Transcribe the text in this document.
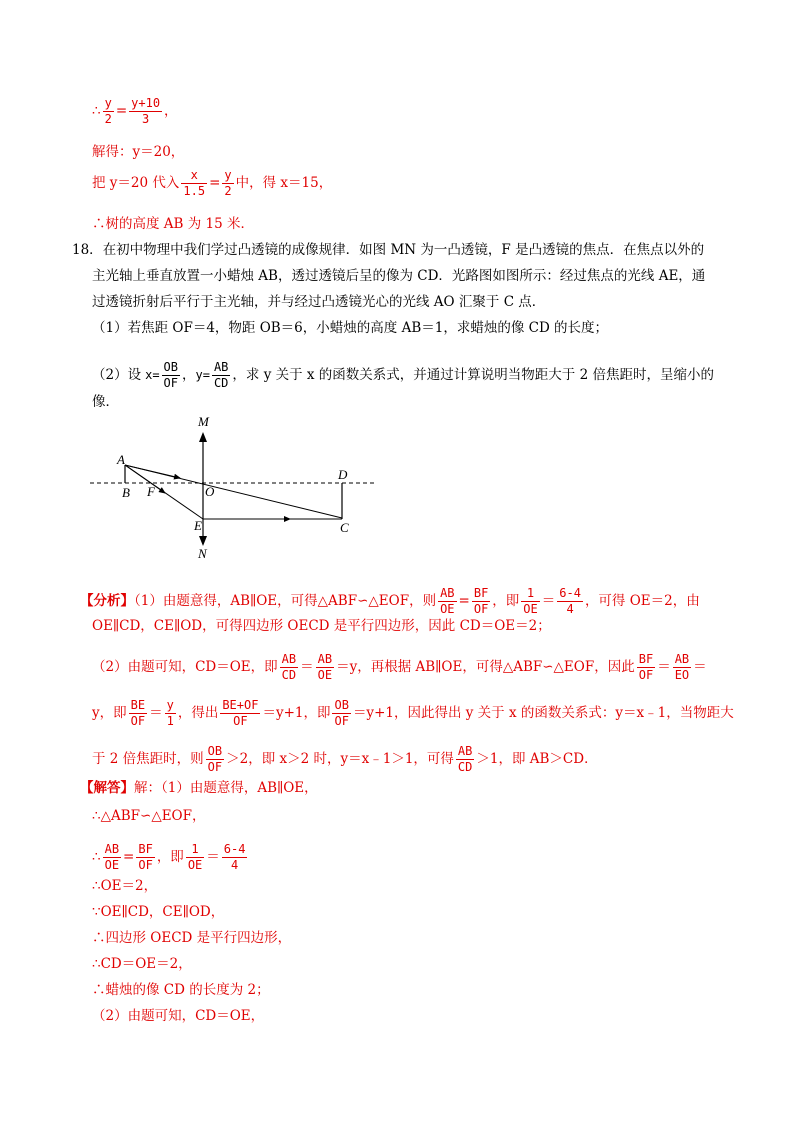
∴ $\frac{y}{2} = \frac{y+10}{3}$ ，
解得：y＝20，
把 y＝20 代入 $\frac{x}{1.5} = \frac{y}{2}$ 中，得 x＝15，
∴树的高度 AB 为 15 米．
18．在初中物理中我们学过凸透镜的成像规律．如图 MN 为一凸透镜，F 是凸透镜的焦点．在焦点以外的
主光轴上垂直放置一小蜡烛 AB，透过透镜后呈的像为 CD．光路图如图所示：经过焦点的光线 AE，通
过透镜折射后平行于主光轴，并与经过凸透镜光心的光线 AO 汇聚于 C 点．
（1）若焦距 OF＝4，物距 OB＝6，小蜡烛的高度 AB＝1，求蜡烛的像 CD 的长度；
（2）设 $x= \frac{OB}{OF}$ ，$y= \frac{AB}{CD}$ ，求 y 关于 x 的函数关系式，并通过计算说明当物距大于 2 倍焦距时，呈缩小的
像．
M
N
A
B F	O
E	C
D
【分析】（1）由题意得，AB∥OE，可得△ABF∽△EOF，则 $\frac{AB}{OE} = \frac{BF}{OF}$ ，即 $\frac{1}{OE} = \frac{6-4}{4}$ ，可得 OE＝2，由
OE∥CD，CE∥OD，可得四边形 OECD 是平行四边形，因此 CD＝OE＝2；
（2）由题可知，CD＝OE，即 $\frac{AB}{CD} = \frac{AB}{OE} =y$，再根据 AB∥OE，可得△ABF∽△EOF，因此 $\frac{BF}{OF} = \frac{AB}{EO}$ ＝
y，即 $\frac{BE}{OF} = \frac{y}{1}$ ，得出 $\frac{BE+OF}{OF} =y+1$，即 $\frac{OB}{OF} =y+1$，因此得出 y 关于 x 的函数关系式：y＝x﹣1，当物距大
于 2 倍焦距时，则 $\frac{OB}{OF} >2$，即 x＞2 时，y＝x﹣1＞1，可得 $\frac{AB}{CD} >1$，即 AB＞CD．
【解答】解：（1）由题意得，AB∥OE，
∴△ABF∽△EOF，
∴ $\frac{AB}{OE} = \frac{BF}{OF}$ ，即 $\frac{1}{OE} = \frac{6-4}{4}$
∴OE＝2，
∵OE∥CD，CE∥OD，
∴四边形 OECD 是平行四边形，
∴CD＝OE＝2，
∴蜡烛的像 CD 的长度为 2；
（2）由题可知，CD＝OE，
